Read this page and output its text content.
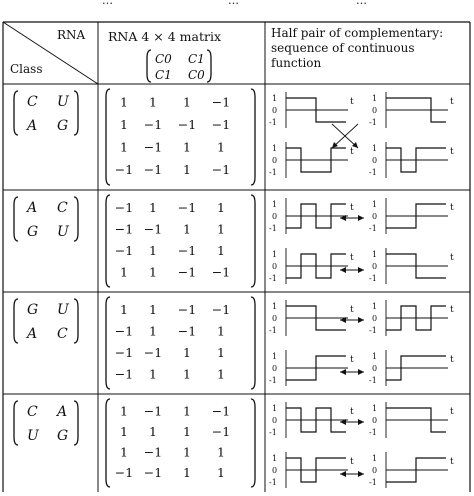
…	…	…
RNA
Class
RNA 4 × 4 matrix
C0 C1
C1 C0
Half pair of complementary:
sequence of continuous
function
C U
A G
1 1 1 −1
1 −1 −1 −1
1 −1 1 1
−1 −1 1 −1
1
0
-1
t 1
0
-1
t
1
0
-1
t 1
0
-1
t
A C
G U
−1 1 −1 1
−1 −1 1 1
−1 1 −1 1
1 1 −1 −1
1
0
-1
t 1
0
-1
t
1
0
-1
t 1
0
-1
t
G U
A C
1 1 −1 −1
−1 1 −1 1
−1 −1 1 1
−1 1 1 1
1
0
-1
t 1
0
-1
t
1
0
-1
t 1
0
-1
t
C A
U G
1 −1 1 −1
1 1 1 −1
1 −1 1 1
−1 −1 1 1
1
0
-1
t 1
0
-1
t
1
0
-1
t 1
0
-1
t
